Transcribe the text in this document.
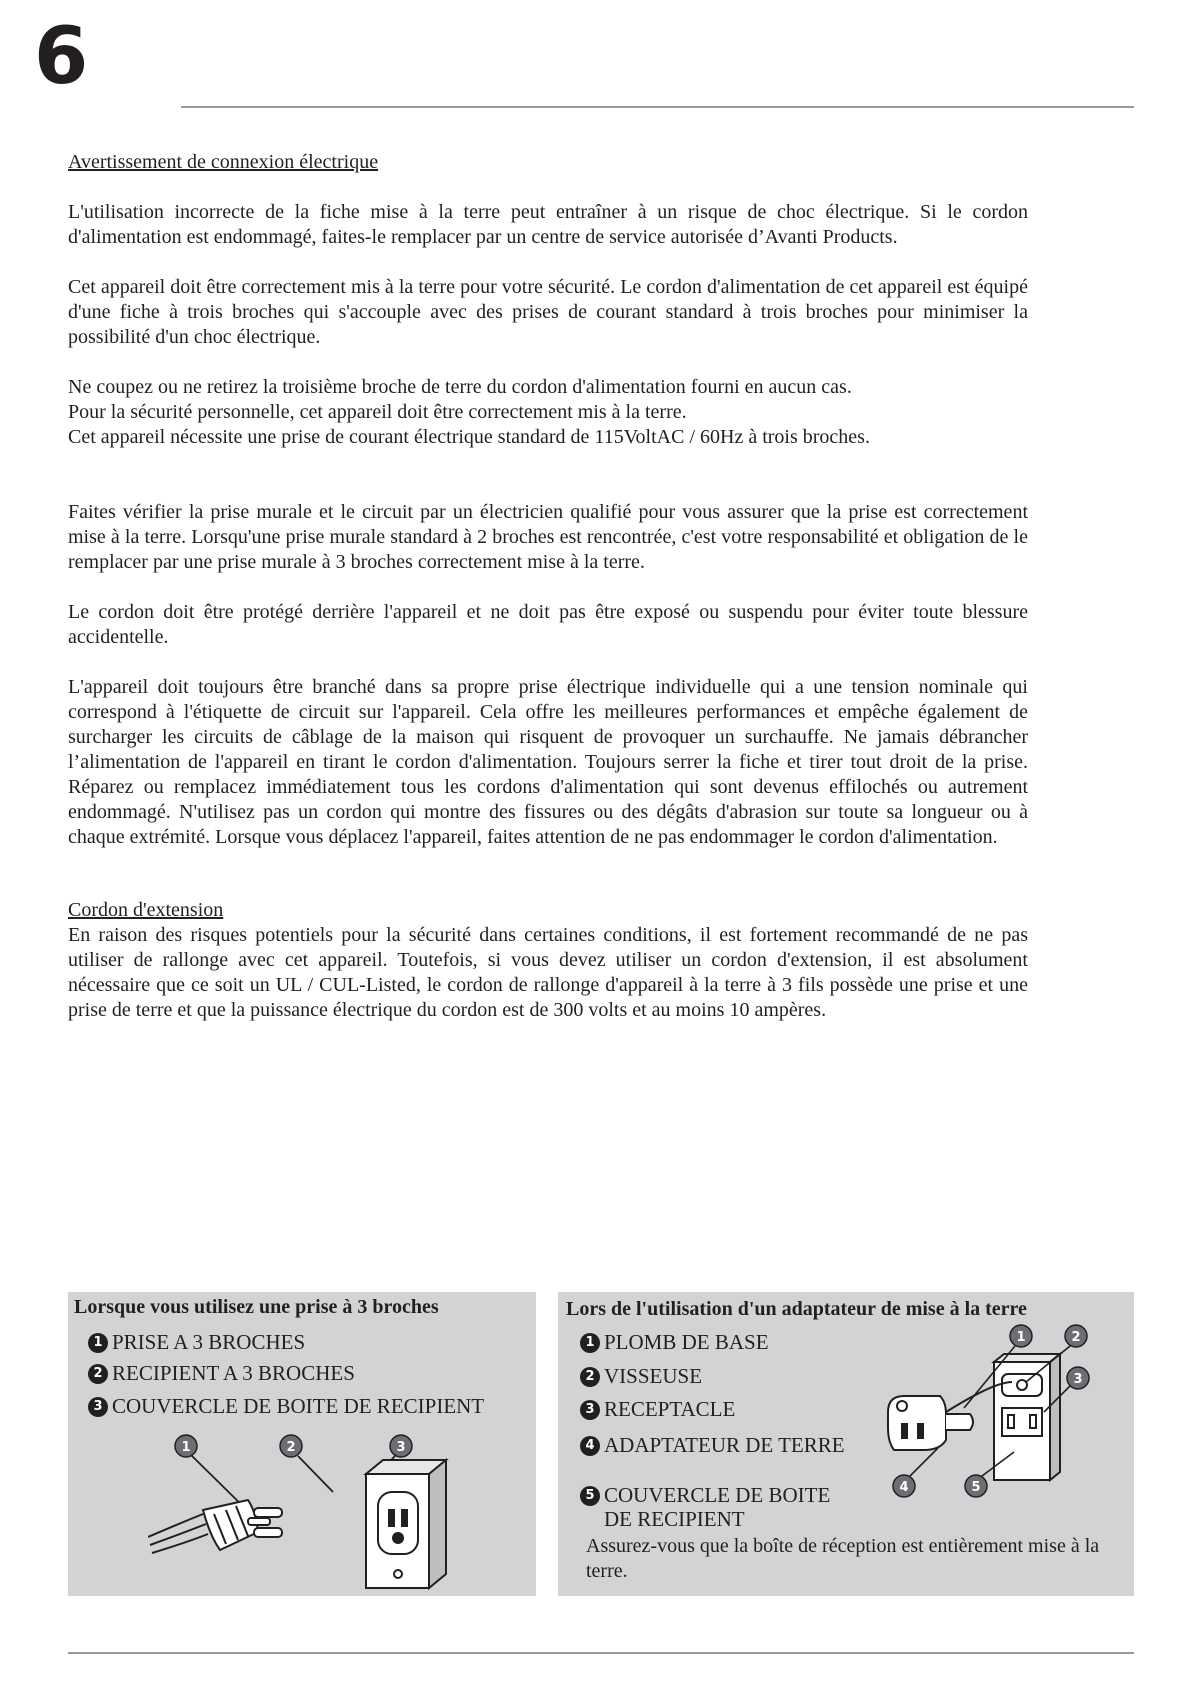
6

Avertissement de connexion électrique

L'utilisation incorrecte de la fiche mise à la terre peut entraîner à un risque de choc électrique. Si le cordon d'alimentation est endommagé, faites-le remplacer par un centre de service autorisée d’Avanti Products.

Cet appareil doit être correctement mis à la terre pour votre sécurité. Le cordon d'alimentation de cet appareil est équipé d'une fiche à trois broches qui s'accouple avec des prises de courant standard à trois broches pour minimiser la possibilité d'un choc électrique.

Ne coupez ou ne retirez la troisième broche de terre du cordon d'alimentation fourni en aucun cas.

Pour la sécurité personnelle, cet appareil doit être correctement mis à la terre.

Cet appareil nécessite une prise de courant électrique standard de 115VoltAC / 60Hz à trois broches.

Faites vérifier la prise murale et le circuit par un électricien qualifié pour vous assurer que la prise est correctement mise à la terre. Lorsqu'une prise murale standard à 2 broches est rencontrée, c'est votre responsabilité et obligation de le remplacer par une prise murale à 3 broches correctement mise à la terre.

Le cordon doit être protégé derrière l'appareil et ne doit pas être exposé ou suspendu pour éviter toute blessure accidentelle.

L'appareil doit toujours être branché dans sa propre prise électrique individuelle qui a une tension nominale qui correspond à l'étiquette de circuit sur l'appareil. Cela offre les meilleures performances et empêche également de surcharger les circuits de câblage de la maison qui risquent de provoquer un surchauffe. Ne jamais débrancher l’alimentation de l'appareil en tirant le cordon d'alimentation. Toujours serrer la fiche et tirer tout droit de la prise. Réparez ou remplacez immédiatement tous les cordons d'alimentation qui sont devenus effilochés ou autrement endommagé. N'utilisez pas un cordon qui montre des fissures ou des dégâts d'abrasion sur toute sa longueur ou à chaque extrémité. Lorsque vous déplacez l'appareil, faites attention de ne pas endommager le cordon d'alimentation.

Cordon d'extension

En raison des risques potentiels pour la sécurité dans certaines conditions, il est fortement recommandé de ne pas utiliser de rallonge avec cet appareil. Toutefois, si vous devez utiliser un cordon d'extension, il est absolument nécessaire que ce soit un UL / CUL-Listed, le cordon de rallonge d'appareil à la terre à 3 fils possède une prise et une prise de terre et que la puissance électrique du cordon est de 300 volts et au moins 10 ampères.

Lorsque vous utilisez une prise à 3 broches
1 PRISE A 3 BROCHES
2 RECIPIENT A 3 BROCHES
3 COUVERCLE DE BOITE DE RECIPIENT
1	2	3
Lors de l'utilisation d'un adaptateur de mise à la terre
1 PLOMB DE BASE
2 VISSEUSE
3 RECEPTACLE
4 ADAPTATEUR DE TERRE
5 COUVERCLE DE BOITE
DE RECIPIENT
Assurez-vous que la boîte de réception est entièrement mise à la terre.
1	2
3
4	5
